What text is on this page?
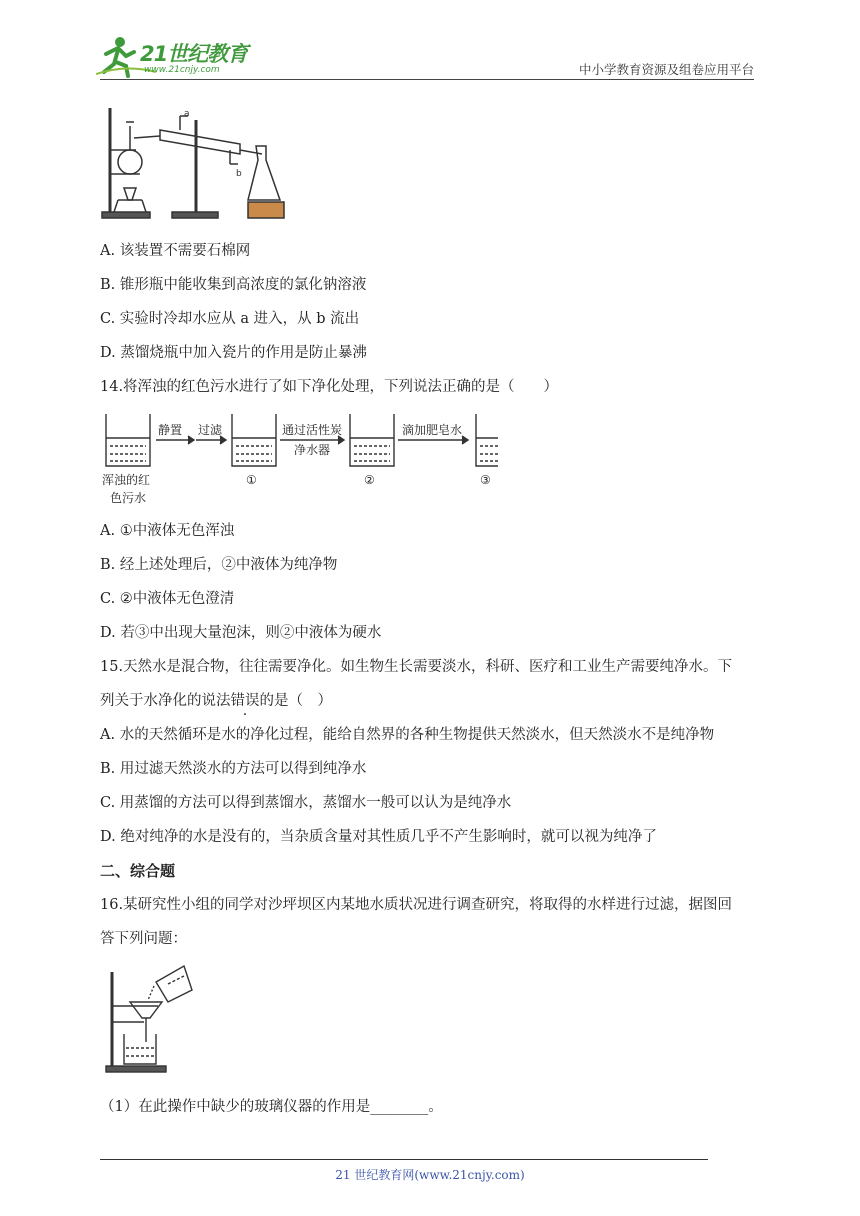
21世纪教育
www.21cnjy.com	中小学教育资源及组卷应用平台
a
b
A. 该装置不需要石棉网
B. 锥形瓶中能收集到高浓度的氯化钠溶液
C. 实验时冷却水应从 a 进入，从 b 流出
D. 蒸馏烧瓶中加入瓷片的作用是防止暴沸
14.将浑浊的红色污水进行了如下净化处理，下列说法正确的是（　　）
静置 过滤	通过活性炭
净水器
滴加肥皂水
浑浊的红
色污水
①	②	③
A. ①中液体无色浑浊
B. 经上述处理后，②中液体为纯净物
C. ②中液体无色澄清
D. 若③中出现大量泡沫，则②中液体为硬水
15.天然水是混合物，往往需要净化。如生物生长需要淡水，科研、医疗和工业生产需要纯净水。下
列关于水净化的说法错误的是（　）
A. 水的天然循环是水的净化过程，能给自然界的各种生物提供天然淡水，但天然淡水不是纯净物
B. 用过滤天然淡水的方法可以得到纯净水
C. 用蒸馏的方法可以得到蒸馏水，蒸馏水一般可以认为是纯净水
D. 绝对纯净的水是没有的，当杂质含量对其性质几乎不产生影响时，就可以视为纯净了
二、综合题
16.某研究性小组的同学对沙坪坝区内某地水质状况进行调查研究，将取得的水样进行过滤，据图回
答下列问题：
（1）在此操作中缺少的玻璃仪器的作用是________。
21 世纪教育网(www.21cnjy.com)
